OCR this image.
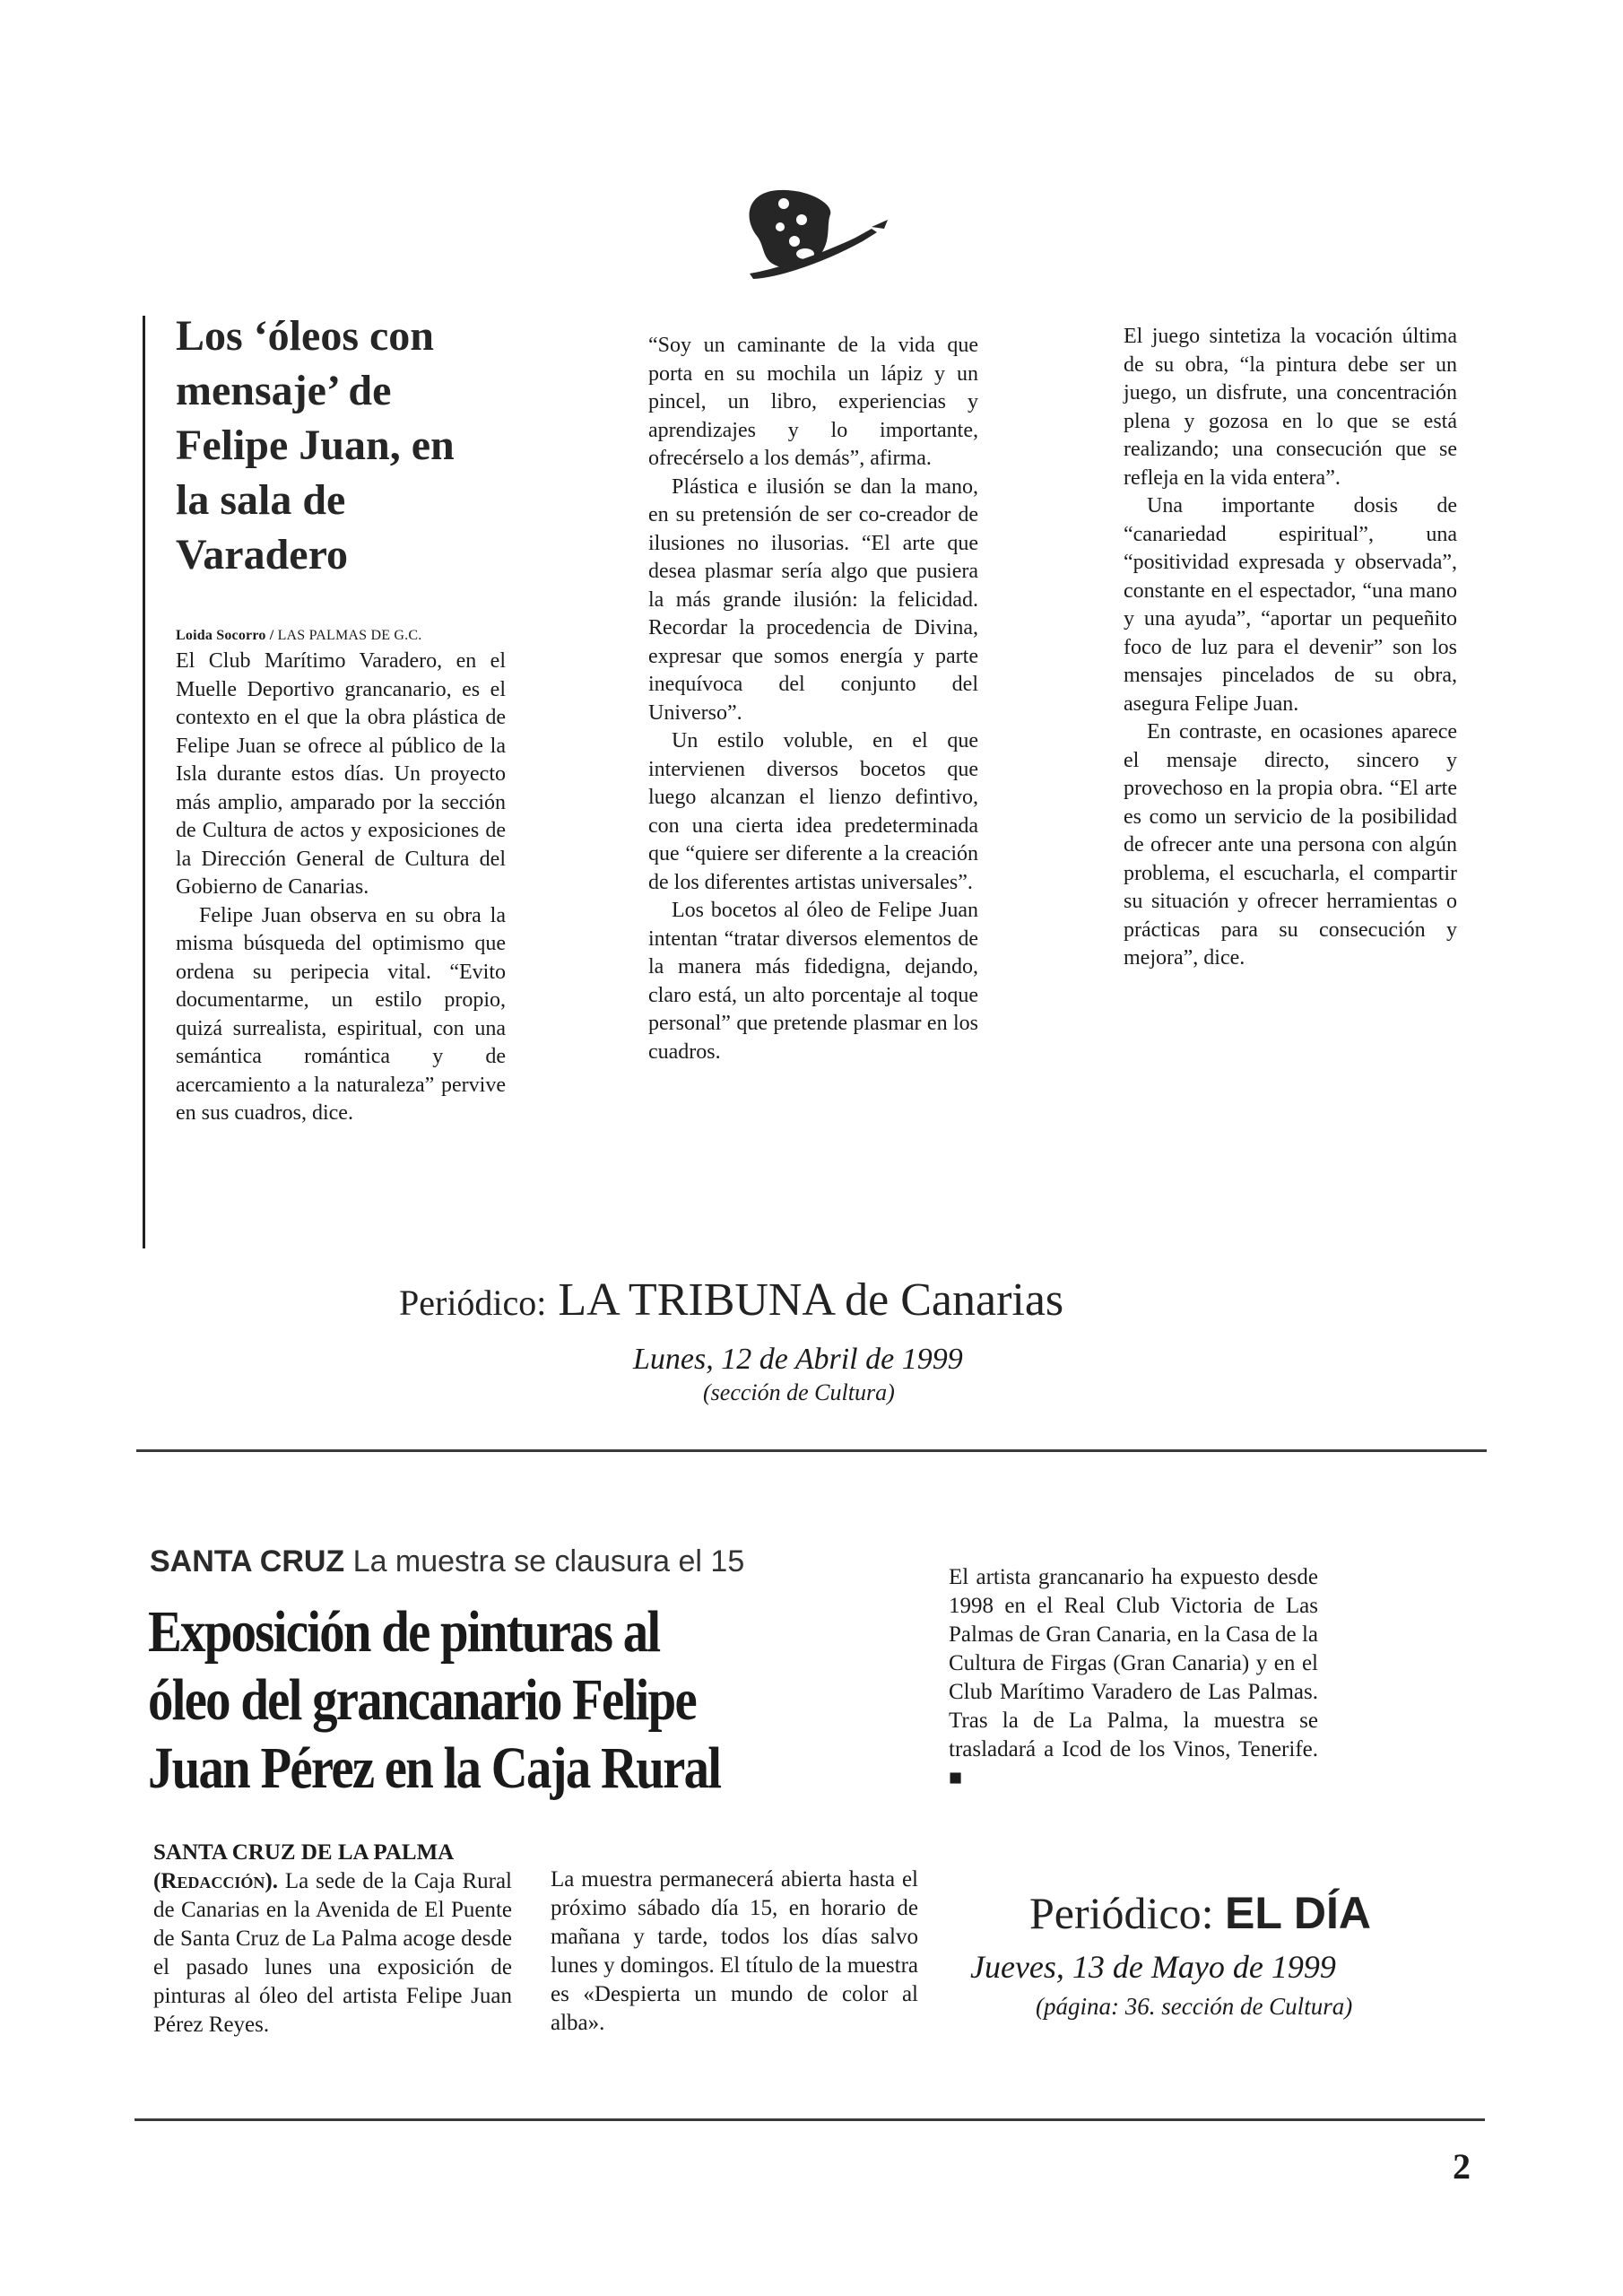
Los ‘óleos con
mensaje’ de
Felipe Juan, en
la sala de
Varadero
Loida Socorro / LAS PALMAS DE G.C.

El Club Marítimo Varadero, en el Muelle Deportivo grancanario, es el contexto en el que la obra plástica de Felipe Juan se ofrece al público de la Isla durante estos días. Un proyecto más amplio, amparado por la sección de Cultura de actos y exposiciones de la Dirección General de Cultura del Gobierno de Canarias.

Felipe Juan observa en su obra la misma búsqueda del optimismo que ordena su peripecia vital. “Evito documentarme, un estilo propio, quizá surrealista, espiritual, con una semántica romántica y de acercamiento a la naturaleza” pervive en sus cuadros, dice.

“Soy un caminante de la vida que porta en su mochila un lápiz y un pincel, un libro, experiencias y aprendizajes y lo importante, ofrecérselo a los demás”, afirma.

Plástica e ilusión se dan la mano, en su pretensión de ser co-creador de ilusiones no ilusorias. “El arte que desea plasmar sería algo que pusiera la más grande ilusión: la felicidad. Recordar la procedencia de Divina, expresar que somos energía y parte inequívoca del conjunto del Universo”.

Un estilo voluble, en el que intervienen diversos bocetos que luego alcanzan el lienzo defintivo, con una cierta idea predeterminada que “quiere ser diferente a la creación de los diferentes artistas universales”.

Los bocetos al óleo de Felipe Juan intentan “tratar diversos elementos de la manera más fidedigna, dejando, claro está, un alto porcentaje al toque personal” que pretende plasmar en los cuadros.

El juego sintetiza la vocación última de su obra, “la pintura debe ser un juego, un disfrute, una concentración plena y gozosa en lo que se está realizando; una consecución que se refleja en la vida entera”.

Una importante dosis de “canariedad espiritual”, una “positividad expresada y observada”, constante en el espectador, “una mano y una ayuda”, “aportar un pequeñito foco de luz para el devenir” son los mensajes pincelados de su obra, asegura Felipe Juan.

En contraste, en ocasiones aparece el mensaje directo, sincero y provechoso en la propia obra. “El arte es como un servicio de la posibilidad de ofrecer ante una persona con algún problema, el escucharla, el compartir su situación y ofrecer herramientas o prácticas para su consecución y mejora”, dice.

Periódico: LA TRIBUNA de Canarias
Lunes, 12 de Abril de 1999
(sección de Cultura)
SANTA CRUZ La muestra se clausura el 15
Exposición de pinturas al
óleo del grancanario Felipe
Juan Pérez en la Caja Rural

SANTA CRUZ DE LA PALMA
(Redacción). La sede de la Caja Rural de Canarias en la Avenida de El Puente de Santa Cruz de La Palma acoge desde el pasado lunes una exposición de pinturas al óleo del artista Felipe Juan Pérez Reyes.

La muestra permanecerá abierta hasta el próximo sábado día 15, en horario de mañana y tarde, todos los días salvo lunes y domingos. El título de la muestra es «Despierta un mundo de color al alba».

El artista grancanario ha expuesto desde 1998 en el Real Club Victoria de Las Palmas de Gran Canaria, en la Casa de la Cultura de Firgas (Gran Canaria) y en el Club Marítimo Varadero de Las Palmas. Tras la de La Palma, la muestra se trasladará a Icod de los Vinos, Tenerife. ■

Periódico: EL DÍA
Jueves, 13 de Mayo de 1999
(página: 36. sección de Cultura)
2
